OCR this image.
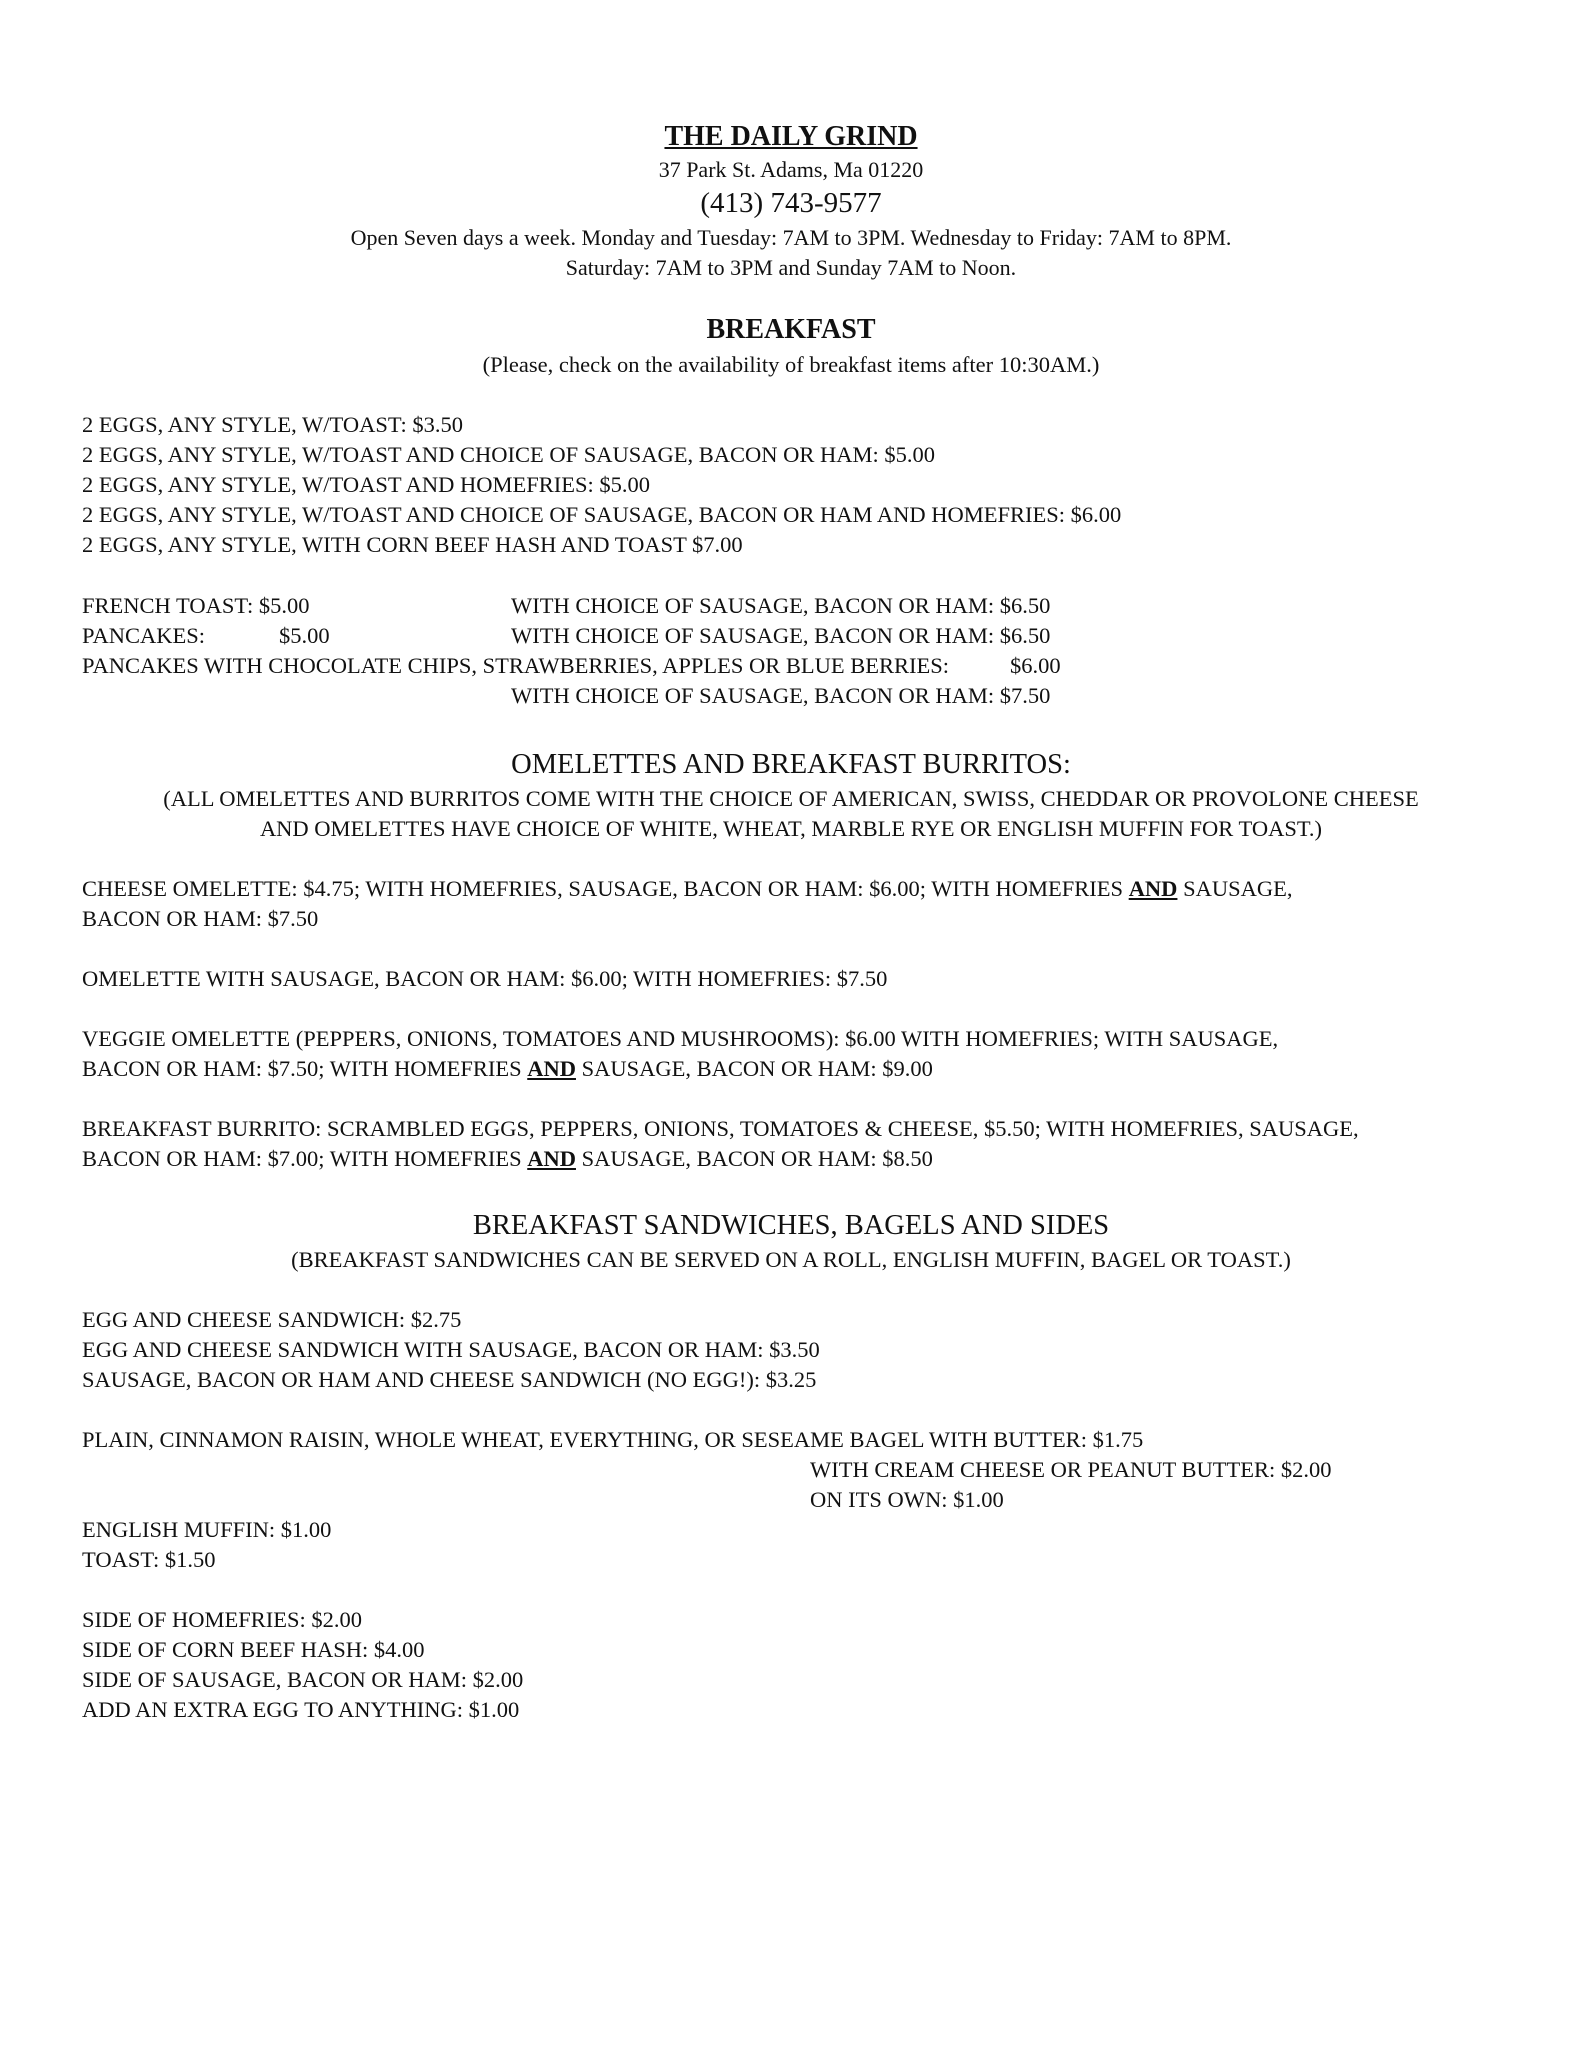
THE DAILY GRIND
37 Park St. Adams, Ma 01220
(413) 743-9577
Open Seven days a week. Monday and Tuesday: 7AM to 3PM. Wednesday to Friday: 7AM to 8PM.
Saturday: 7AM to 3PM and Sunday 7AM to Noon.
BREAKFAST
(Please, check on the availability of breakfast items after 10:30AM.)
2 EGGS, ANY STYLE, W/TOAST: $3.50
2 EGGS, ANY STYLE, W/TOAST AND CHOICE OF SAUSAGE, BACON OR HAM: $5.00
2 EGGS, ANY STYLE, W/TOAST AND HOMEFRIES: $5.00
2 EGGS, ANY STYLE, W/TOAST AND CHOICE OF SAUSAGE, BACON OR HAM AND HOMEFRIES: $6.00
2 EGGS, ANY STYLE, WITH CORN BEEF HASH AND TOAST $7.00
FRENCH TOAST: $5.00	WITH CHOICE OF SAUSAGE, BACON OR HAM: $6.50
PANCAKES:	$5.00	WITH CHOICE OF SAUSAGE, BACON OR HAM: $6.50
PANCAKES WITH CHOCOLATE CHIPS, STRAWBERRIES, APPLES OR BLUE BERRIES:	$6.00
WITH CHOICE OF SAUSAGE, BACON OR HAM: $7.50
OMELETTES AND BREAKFAST BURRITOS:
(ALL OMELETTES AND BURRITOS COME WITH THE CHOICE OF AMERICAN, SWISS, CHEDDAR OR PROVOLONE CHEESE
AND OMELETTES HAVE CHOICE OF WHITE, WHEAT, MARBLE RYE OR ENGLISH MUFFIN FOR TOAST.)
CHEESE OMELETTE: $4.75; WITH HOMEFRIES, SAUSAGE, BACON OR HAM: $6.00; WITH HOMEFRIES AND SAUSAGE,
BACON OR HAM: $7.50
OMELETTE WITH SAUSAGE, BACON OR HAM: $6.00; WITH HOMEFRIES: $7.50
VEGGIE OMELETTE (PEPPERS, ONIONS, TOMATOES AND MUSHROOMS): $6.00 WITH HOMEFRIES; WITH SAUSAGE,
BACON OR HAM: $7.50; WITH HOMEFRIES AND SAUSAGE, BACON OR HAM: $9.00
BREAKFAST BURRITO: SCRAMBLED EGGS, PEPPERS, ONIONS, TOMATOES & CHEESE, $5.50; WITH HOMEFRIES, SAUSAGE,
BACON OR HAM: $7.00; WITH HOMEFRIES AND SAUSAGE, BACON OR HAM: $8.50
BREAKFAST SANDWICHES, BAGELS AND SIDES
(BREAKFAST SANDWICHES CAN BE SERVED ON A ROLL, ENGLISH MUFFIN, BAGEL OR TOAST.)
EGG AND CHEESE SANDWICH: $2.75
EGG AND CHEESE SANDWICH WITH SAUSAGE, BACON OR HAM: $3.50
SAUSAGE, BACON OR HAM AND CHEESE SANDWICH (NO EGG!): $3.25
PLAIN, CINNAMON RAISIN, WHOLE WHEAT, EVERYTHING, OR SESEAME BAGEL WITH BUTTER: $1.75
WITH CREAM CHEESE OR PEANUT BUTTER: $2.00
ON ITS OWN: $1.00
ENGLISH MUFFIN: $1.00
TOAST: $1.50
SIDE OF HOMEFRIES: $2.00
SIDE OF CORN BEEF HASH: $4.00
SIDE OF SAUSAGE, BACON OR HAM: $2.00
ADD AN EXTRA EGG TO ANYTHING: $1.00
